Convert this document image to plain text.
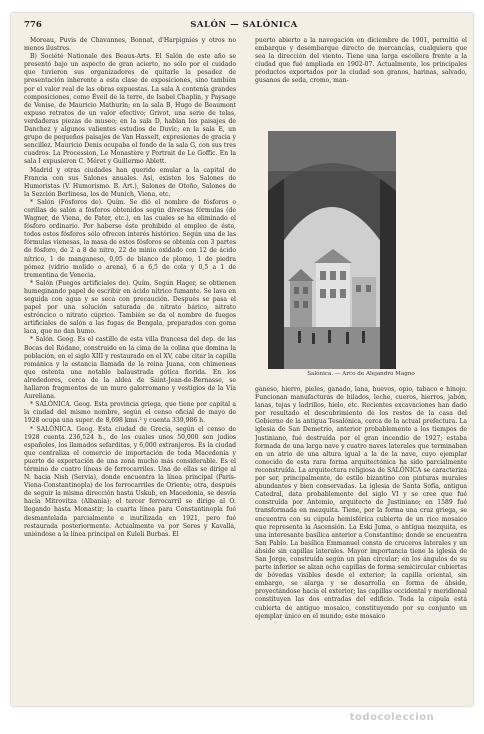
776	SALÓN — SALÓNICA

Moreau, Puvis de Chavannes, Bonnat, d'Harpignies y otros no menos ilustres.

B) Société Nationale des Beaux-Arts. El Salón de este año se presentó bajo un aspecto de gran acierto, no sólo por el cuidado que tuvieron sus organizadores de quitarle la pesadez de presentación inherente a esta clase de exposiciones, sino también por el valor real de las obras expuestas. La sala A contenía grandes composiciones, como Éveil de la terre, de Isabel Chaplin, y Paysage de Venise, de Mauricio Mathurin; en la sala B, Hugo de Beaumont expuso retratos de un valor efectivo; Grivot, una serie de telas, verdaderas piezas de museo; en la sala D, hablan los paisajes de Danchez y algunos valientes estudios de Duvic; en la sala E, un grupo de pequeños paisajes de Van Hasselt, expresiones de gracia y sencillez. Mauricio Denis ocupaba el fondo de la sala G, con sus tres cuadros: La Procession, Le Monastère y Portrait de Le Goffic. En la sala I expusieron C. Méret y Guillermo Ablett.

Madrid y otras ciudades han querido emular a la capital de Francia con sus Salones anuales. Así, existen los Salones de Humoristas (V. Humorismo. B. Art.), Salones de Otoño, Salones de la Sezción Berlinesa, los de Munich, Viena, etc.

* Salón (Fósforos de). Quím. Se dió el nombre de fósforos o cerillas de salón a fósforos obtenidos según diversas fórmulas (de Wagner, de Viena, de Pater, etc.), en las cuales se ha eliminado el fósforo ordinario. Por haberse éste prohibido el empleo de éste, todos estos fósforos sólo ofrecen interés histórico. Según una de las fórmulas vienesas, la masa de estos fósforos se obtenía con 3 partes de fósforo, de 2 a 8 de nitro, 22 de minio oxidado con 12 de ácido nítrico, 1 de manganeso, 0,05 de blanco de plomo, 1 de piedra pómez (vidrio molido o arena), 6 a 6,5 de cola y 0,5 a 1 de trementina de Venecia.

* Salón (Fuegos artificiales de). Quím. Según Hager, se obtienen humeginando papel de escribir en ácido nítrico fumante. Se lava en seguida con agua y se seca con precaución. Después se pasa el papel por una solución saturada de nitrato bárico, nitrato estróncico o nitrato cúprico. También se da el nombre de fuegos artificiales de salón a las fugas de Bengala, preparados con goma laca, que no dan humo.

* Salón. Geog. Es el castillo de esta villa francesa del dep. de las Bocas del Ródano, construido en la cima de la colina que domina la población, en el siglo XIII y restaurado en el XV, cabe citar la capilla románica y la estancia llamada de la reina Juana, con chimeneas que ostenta una notable balaustrada gótica florida. En los alrededores, cerca de la aldea de Saint-Jean-de-Bernasse, se hallaron fragmentos de un muro galorromano y vestigios de la Vía Aureliana.

* SALÓNICA. Geog. Esta provincia griega, que tiene por capital a la ciudad del mismo nombre, según el censo oficial de mayo de 1928 ocupa una super. de 8,698 kms.² y cuenta 339,986 h.

* SALÓNICA. Geog. Esta ciudad de Grecia, según el censo de 1928 cuenta 236,524 h., de los cuales unos 50,000 son judíos españoles, los llamados sefarditas, y 6,000 extranjeros. Es la ciudad que centraliza el comercio de importación de toda Macedonia y puerto de exportación de una zona mucho más considerable. Es el término de cuatro líneas de ferrocarriles. Una de ellas se dirige al N. hacia Nish (Servia), donde encuentra la línea principal (París-Viena-Constantinopla) de los ferrocarriles de Oriente; otra, después de seguir la misma dirección hasta Uskub, en Macedonia, se desvía hacia Mitrovitza (Albania); el tercer ferrocarril se dirige al O. llegando hasta Monastir; la cuarta línea para Constantinopla fué desmantelada parcialmente e inutilizada en 1921, pero fué restaurada posteriormente. Actualmente va por Seres y Kavalla, uniéndose a la línea principal en Kuleli Burbas. El

puerto abierto a la navegación en diciembre de 1901, permitió el embarque y desembarque directo de mercancías, cualquiera que sea la dirección del viento. Tiene una larga escollera frente a la ciudad que fué ampliada en 1902-07. Actualmente, los principales productos exportados por la ciudad son granos, harinas, salvado, gusanos de seda, cromo, man-

Salónica. — Arco de Alejandro Magno

ganeso, hierro, pieles, ganado, lana, huevos, opio, tabaco e hinojo. Funcionan manufacturas de hilados, leche, cueros, hierros, jabón, lanas, tejas y ladrillos, hielo, etc. Recientes excavaciones han dado por resultado el descubrimiento de los restos de la casa del Gobierno de la antigua Tesalónica, cerca de la actual prefectura. La iglesia de San Demetrio, anterior probablemente a los tiempos de Justiniano, fué destruída por el gran incendio de 1927; estaba formada de una larga nave y cuatro naves laterales que terminaban en un atrio de una altura igual a la de la nave, cuyo ejemplar conocido de esta rara forma arquitectónica ha sido parcialmente reconstruída. La arquitectura religiosa de SALÓNICA se caracteriza por ser, principalmente, de estilo bizantino con pinturas murales abundantes y bien conservadas. La iglesia de Santa Sofía, antigua Catedral, data probablemente del siglo VI y se cree que fué construída por Antemio, arquitecto de Justiniano; en 1589 fué transformada en mezquita. Tiene, por la forma una cruz griega, se encuentra con su cúpula hemisférica cubierta de un rico mosaico que representa la Ascensión. La Eski Juma, o antigua mezquita, es una interesante basílica anterior a Constantino; donde se encuentra San Pablo. La basílica Emmanuel consta de cruceros laterales y un ábside sin capillas laterales. Mayor importancia tiene la iglesia de San Jorge, construída según un plan circular; en los ángulos de su parte inferior se alzan ocho capillas de forma semicircular cubiertas de bóvedas visibles desde el exterior; la capilla oriental, sin embargo, se alarga y se desarrolla en forma de ábside, proyectándose hacia el exterior; las capillas occidental y meridional constituyen las dos entradas del edificio. Toda la cúpula está cubierta de antiguo mosaico, constituyendo por su conjunto un ejemplar único en el mundo; este mosaico

todocoleccion
